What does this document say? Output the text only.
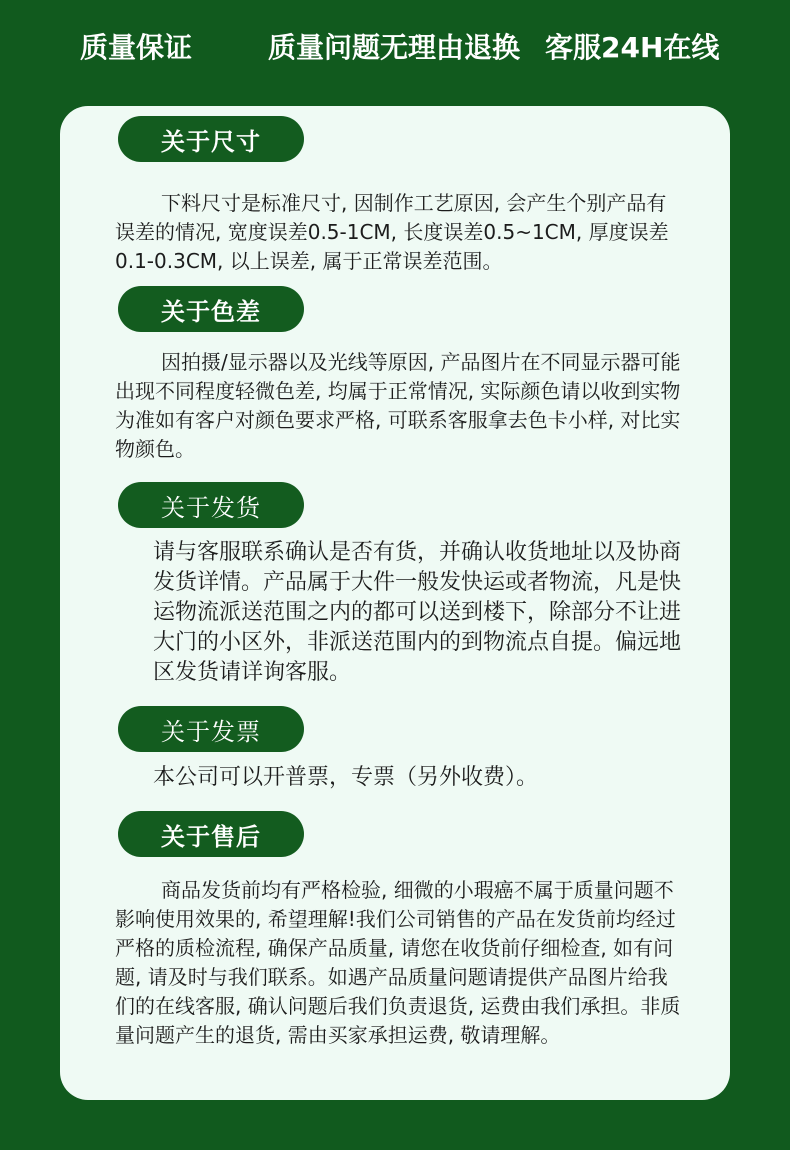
质量保证	质量问题无理由退换 客服24H在线
关于尺寸
下料尺寸是标准尺寸, 因制作工艺原因, 会产生个别产品有误差的情况, 宽度误差0.5-1CM, 长度误差0.5~1CM, 厚度误差0.1-0.3CM, 以上误差, 属于正常误差范围。
关于色差
因拍摄/显示器以及光线等原因, 产品图片在不同显示器可能出现不同程度轻微色差, 均属于正常情况, 实际颜色请以收到实物为准如有客户对颜色要求严格, 可联系客服拿去色卡小样, 对比实物颜色。
关于发货
请与客服联系确认是否有货，并确认收货地址以及协商发货详情。产品属于大件一般发快运或者物流，凡是快运物流派送范围之内的都可以送到楼下，除部分不让进大门的小区外，非派送范围内的到物流点自提。偏远地区发货请详询客服。
关于发票
本公司可以开普票，专票（另外收费）。
关于售后
商品发货前均有严格检验, 细微的小瑕癌不属于质量问题不影响使用效果的, 希望理解!我们公司销售的产品在发货前均经过严格的质检流程, 确保产品质量, 请您在收货前仔细检查, 如有问题, 请及时与我们联系。如遇产品质量问题请提供产品图片给我们的在线客服, 确认问题后我们负责退货, 运费由我们承担。非质量问题产生的退货, 需由买家承担运费, 敬请理解。
